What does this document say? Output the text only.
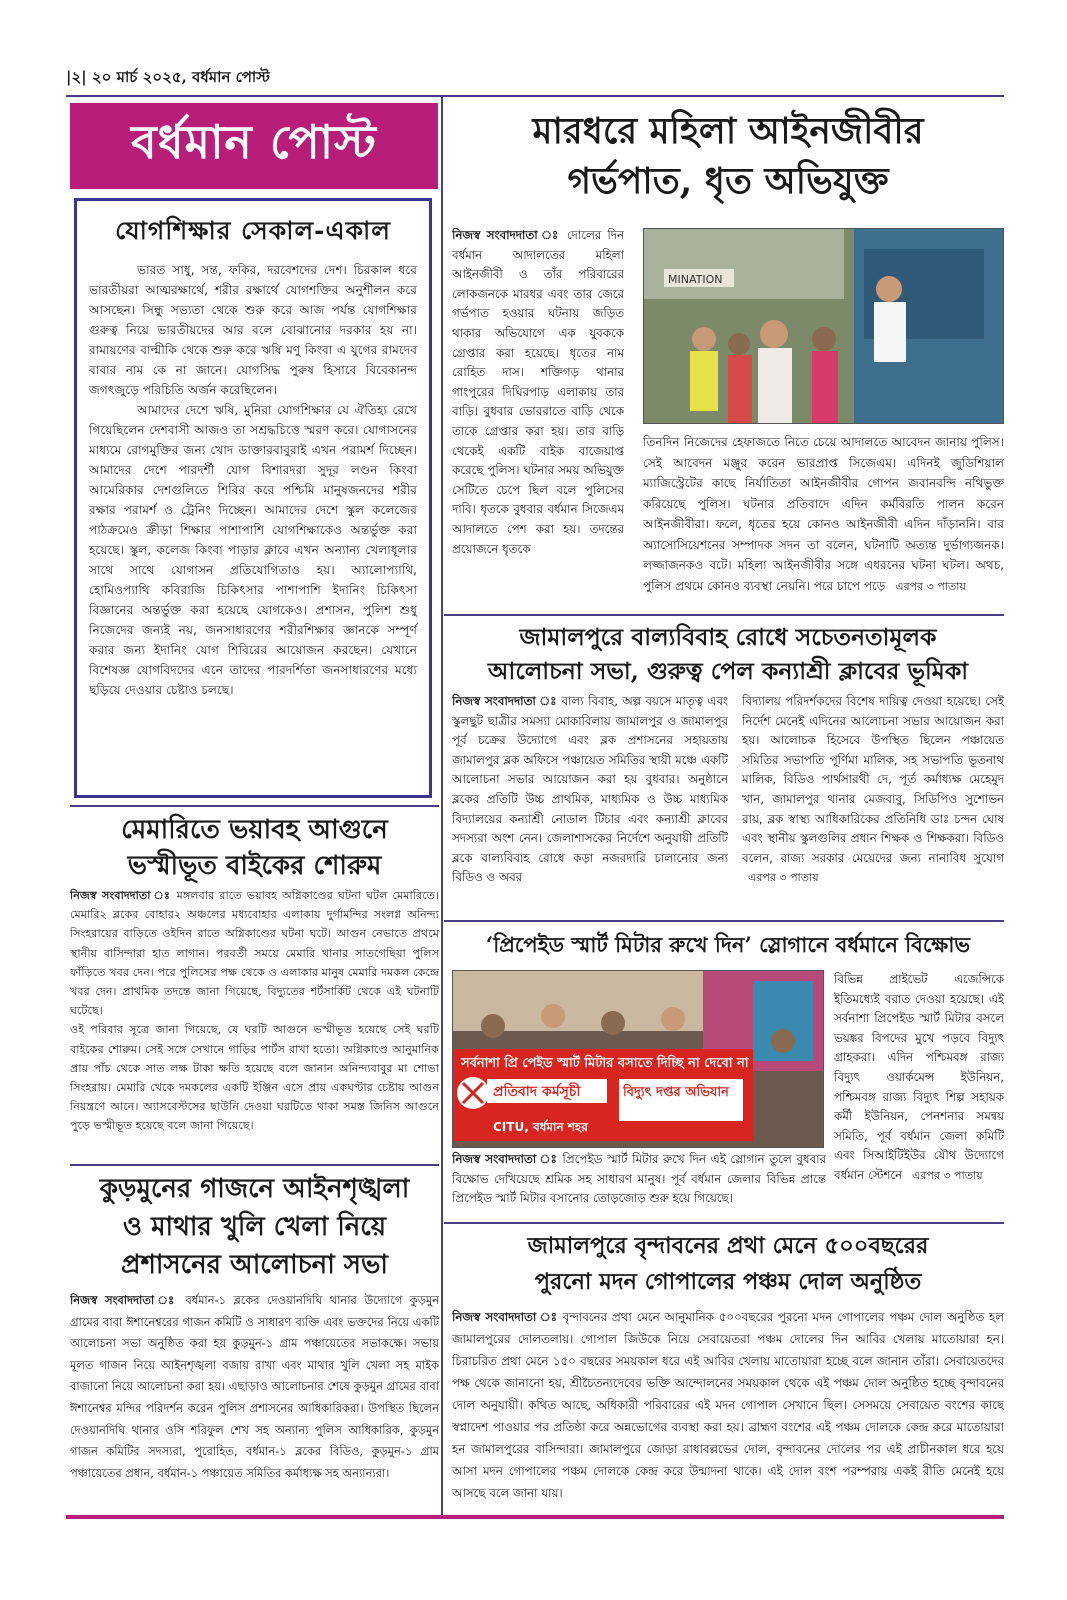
|২| ২০ মার্চ ২০২৫, বর্ধমান পোস্ট
বর্ধমান পোস্ট
যোগশিক্ষার সেকাল-একাল

ভারত সাধু, সন্ত, ফকির, দরবেশদের দেশ। চিরকাল ধরে ভারতীয়রা আত্মরক্ষার্থে, শরীর রক্ষার্থে যোগশক্তির অনুশীলন করে আসছেন। সিন্ধু সভ্যতা থেকে শুরু করে আজ পর্যন্ত যোগশিক্ষার গুরুত্ব নিয়ে ভারতীয়দের আর বলে বোঝানোর দরকার হয় না। রামায়ণের বাল্মীকি থেকে শুরু করে ঋষি মণু কিংবা এ যুগের রামদেব বাবার নাম কে না জানে। যোগসিদ্ধ পুরুষ হিসাবে বিবেকানন্দ জগৎজুড়ে পরিচিতি অর্জন করেছিলেন।

আমাদের দেশে ঋষি, মুনিরা যোগশিক্ষার যে ঐতিহ্য রেখে গিয়েছিলেন দেশবাসী আজও তা সশ্রদ্ধচিত্তে স্মরণ করে। যোগাসনের মাধ্যমে রোগমুক্তির জন্য খোদ ডাক্তারবাবুরাই এখন পরামর্শ দিচ্ছেন। আমাদের দেশে পারদর্শী যোগ বিশারদরা সুদূর লণ্ডন কিংবা আমেরিকার দেশগুলিতে শিবির করে পশ্চিমি মানুষজনদের শরীর রক্ষার পরামর্শ ও ট্রেনিং দিচ্ছেন। আমাদের দেশে স্কুল কলেজের পাঠক্রমেও ক্রীড়া শিক্ষার পাশাপাশি যোগশিক্ষাকেও অন্তর্ভুক্ত করা হয়েছে। স্কুল, কলেজ কিংবা পাড়ার ক্লাবে এখন অন্যান্য খেলাধূলার সাথে সাথে যোগাসন প্রতিযোগিতাও হয়। অ্যালোপ্যাথি, হোমিওপ্যাথি কবিরাজি চিকিৎসার পাশাপাশি ইদানিং চিকিৎসা বিজ্ঞানের অন্তর্ভুক্ত করা হয়েছে যোগকেও। প্রশাসন, পুলিশ শুধু নিজেদের জন্যই নয়, জনসাধারণের শরীরশিক্ষার জ্ঞানকে সম্পূর্ণ করার জন্য ইদানিং যোগ শিবিরের আয়োজন করছেন। যেখানে বিশেষজ্ঞ যোগবিদদের এনে তাদের পারদর্শিতা জনসাধারণের মধ্যে ছড়িয়ে দেওয়ার চেষ্টাও চলছে।

মারধরে মহিলা আইনজীবীর
গর্ভপাত, ধৃত অভিযুক্ত
নিজস্ব সংবাদদাতা ঃ দোলের দিন বর্ধমান আদালতের মহিলা আইনজীবী ও তাঁর পরিবারের লোকজনকে মারধর এবং তার জেরে গর্ভপাত হওয়ার ঘটনায় জড়িত থাকার অভিযোগে এক যুবককে গ্রেপ্তার করা হয়েছে। ধৃতের নাম রোহিত দাস। শক্তিগড় থানার গাংপুরের দিঘিরপাড় এলাকায় তার বাড়ি। বুধবার ভোররাতে বাড়ি থেকে তাকে গ্রেপ্তার করা হয়। তার বাড়ি থেকেই একটি বাইক বাজেয়াপ্ত করেছে পুলিস। ঘটনার সময় অভিযুক্ত সেটিতে চেপে ছিল বলে পুলিসের দাবি। ধৃতকে বুধবার বর্ধমান সিজেএম আদালতে পেশ করা হয়। তদন্তের প্রয়োজনে ধৃতকে
MINATION
তিনদিন নিজেদের হেফাজতে নিতে চেয়ে আদালতে আবেদন জানায় পুলিস। সেই আবেদন মঞ্জুর করেন ভারপ্রাপ্ত সিজেএম। এদিনই জুডিশিয়াল ম্যাজিস্ট্রেটের কাছে নির্যাতিতা আইনজীবীর গোপন জবানবন্দি নথিভুক্ত করিয়েছে পুলিস। ঘটনার প্রতিবাদে এদিন কর্মবিরতি পালন করেন আইনজীবীরা। ফলে, ধৃতের হয়ে কোনও আইনজীবী এদিন দাঁড়াননি। বার অ্যাসোসিয়েশনের সম্পাদক সদন তা বলেন, ঘটনাটি অত্যন্ত দুর্ভাগ্যজনক। লজ্জাজনকও বটে। মহিলা আইনজীবীর সঙ্গে এধরনের ঘটনা ঘটল। অথচ, পুলিস প্রথমে কোনও ব্যবস্থা নেয়নি। পরে চাপে পড়ে এরপর ৩ পাতায়
জামালপুরে বাল্যবিবাহ রোধে সচেতনতামূলক
আলোচনা সভা, গুরুত্ব পেল কন্যাশ্রী ক্লাবের ভূমিকা
নিজস্ব সংবাদদাতা ঃ বাল্য বিবাহ, অল্প বয়সে মাতৃত্ব এবং স্কুলছুট ছাত্রীর সমস্যা মোকাবিলায় জামালপুর ও জামালপুর পূর্ব চক্রের উদ্যোগে এবং ব্লক প্রশাসনের সহায়তায় জামালপুর ব্লক অফিসে পঞ্চায়েত সমিতির স্থায়ী মঞ্চে একটি আলোচনা সভার আয়োজন করা হয় বুধবার। অনুষ্ঠানে ব্লকের প্রতিটি উচ্চ প্রাথমিক, মাধ্যমিক ও উচ্চ মাধ্যমিক বিদ্যালয়ের কন্যাশ্রী নোডাল টিচার এবং কন্যাশ্রী ক্লাবের সদস্যরা অংশ নেন। জেলাশাসকের নির্দেশে অনুযায়ী প্রতিটি ব্লকে বাল্যবিবাহ রোধে কড়া নজরদারি চালানোর জন্য বিডিও ও অবর
বিদ্যালয় পরিদর্শকদের বিশেষ দায়িত্ব দেওয়া হয়েছে। সেই নির্দেশ মেনেই এদিনের আলোচনা সভার আয়োজন করা হয়। আলোচক হিসেবে উপস্থিত ছিলেন পঞ্চায়েত সমিতির সভাপতি পূর্ণিমা মালিক, সহ সভাপতি ভূতনাথ মালিক, বিডিও পার্থসারথী দে, পূর্ত কর্মাধ্যক্ষ মেহেমুদ খান, জামালপুর থানার মেজবাবু, সিডিপিও সুশোভন রায়, ব্লক স্বাস্থ্য আধিকারিকের প্রতিনিধি ডাঃ চন্দন ঘোষ এবং স্থানীয় স্কুলগুলির প্রধান শিক্ষক ও শিক্ষকরা। বিডিও বলেন, রাজ্য সরকার মেয়েদের জন্য নানাবিধ সুযোগ এরপর ৩ পাতায়
‘প্রিপেইড স্মার্ট মিটার রুখে দিন’ স্লোগানে বর্ধমানে বিক্ষোভ
সর্বনাশা প্রি পেইড স্মার্ট মিটার বসাতে দিচ্ছি না দেবো না
প্রতিবাদ কর্মসূচী	বিদ্যুৎ দপ্তর অভিযান
CITU, বর্ধমান শহর
বিভিন্ন প্রাইভেট এজেন্সিকে ইতিমধ্যেই বরাত দেওয়া হয়েছে। এই সর্বনাশা প্রিপেইড স্মার্ট মিটার বসলে ভয়ঙ্কর বিপদের মুখে পড়বে বিদ্যুৎ গ্রাহকরা। এদিন পশ্চিমবঙ্গ রাজ্য বিদ্যুৎ ওয়ার্কমেন্স ইউনিয়ন, পশ্চিমবঙ্গ রাজ্য বিদ্যুৎ শিল্প সহায়ক কর্মী ইউনিয়ন, পেনশনার সমন্বয় সমিতি, পূর্ব বর্ধমান জেলা কমিটি এবং সিআইটিইউর যৌথ উদ্যোগে বর্ধমান স্টেশনে এরপর ৩ পাতায়
নিজস্ব সংবাদদাতা ঃ প্রিপেইড স্মার্ট মিটার রুখে দিন এই স্লোগান তুলে বুধবার বিক্ষোভ দেখিয়েছে শ্রমিক সহ সাধারণ মানুষ। পূর্ব বর্ধমান জেলার বিভিন্ন প্রান্তে প্রিপেইড স্মার্ট মিটার বসানোর তোড়জোড় শুরু হয়ে গিয়েছে।
জামালপুরে বৃন্দাবনের প্রথা মেনে ৫০০বছরের
পুরনো মদন গোপালের পঞ্চম দোল অনুষ্ঠিত
নিজস্ব সংবাদদাতা ঃ বৃন্দাবনের প্রথা মেনে আনুমানিক ৫০০বছরের পুরনো মদন গোপালের পঞ্চম দোল অনুষ্ঠিত হল জামালপুরের দোলতলায়। গোপাল জিউকে নিয়ে সেবায়েতরা পঞ্চম দোলের দিন আবির খেলায় মাতোয়ারা হন। চিরাচরিত প্রথা মেনে ১৫০ বছরের সময়কাল ধরে এই আবির খেলায় মাতোয়ারা হচ্ছে বলে জানান তাঁরা। সেবায়েতদের পক্ষ থেকে জানানো হয়, শ্রীচৈতন্যদেবের ভক্তি আন্দোলনের সময়কাল থেকে এই পঞ্চম দোল অনুষ্ঠিত হচ্ছে বৃন্দাবনের দোল অনুযায়ী। কথিত আছে, অধিকারী পরিবারের এই মদন গোপাল সেখানে ছিল। সেসময়ে সেবায়েত বংশের কাছে স্বপ্নাদেশ পাওয়ার পর প্রতিষ্ঠা করে অন্নভোগের ব্যবস্থা করা হয়। ব্রাহ্মণ বংশের এই পঞ্চম দোলকে কেন্দ্র করে মাতোয়ারা হন জামালপুরের বাসিন্দারা। জামালপুরে জোড়া রাধাবল্লভের দোল, বৃন্দাবনের দোলের পর এই প্রাচীনকাল ধরে হয়ে আসা মদন গোপালের পঞ্চম দোলকে কেন্দ্র করে উন্মাদনা থাকে। এই দোল বংশ পরম্পরায় একই রীতি মেনেই হয়ে আসছে বলে জানা যায়।
মেমারিতে ভয়াবহ আগুনে
ভস্মীভূত বাইকের শোরুম

নিজস্ব সংবাদদাতা ঃ মঙ্গলবার রাতে ভয়াবহ অগ্নিকাণ্ডের ঘটনা ঘটল মেমারিতে। মেমারি২ ব্লকের বোহার২ অঞ্চলের মধ্যবোহার এলাকায় দুর্গামন্দির সংলগ্ন অনিন্দ্য সিংহরায়ের বাড়িতে ওইদিন রাতে অগ্নিকাণ্ডের ঘটনা ঘটে। আগুন নেভাতে প্রথমে স্থানীয় বাসিন্দারা হাত লাগান। পরবর্তী সময়ে মেমারি থানার সাতগেছিয়া পুলিস ফাঁড়িতে খবর দেন। পরে পুলিসের পক্ষ থেকে ও এলাকার মানুষ মেমারি দমকল কেন্দ্রে খবর দেন। প্রাথমিক তদন্তে জানা গিয়েছে, বিদ্যুতের শর্টসার্কিট থেকে এই ঘটনাটি ঘটেছে।

ওই পরিবার সূত্রে জানা গিয়েছে, যে ঘরটি আগুনে ভস্মীভূত হয়েছে সেই ঘরটি বাইকের শোরুম। সেই সঙ্গে সেখানে গাড়ির পার্টস রাখা হতো। অগ্নিকাণ্ডে আনুমানিক প্রায় পাঁচ থেকে সাত লক্ষ টাকা ক্ষতি হয়েছে বলে জানান অনিন্দ্যবাবুর মা শোভা সিংহরায়। মেমারি থেকে দমকলের একটি ইঞ্জিন এসে প্রায় একঘণ্টার চেষ্টায় আগুন নিয়ন্ত্রণে আনে। অ্যাসবেস্টসের ছাউনি দেওয়া ঘরটিতে থাকা সমস্ত জিনিস আগুনে পুড়ে ভস্মীভূত হয়েছে বলে জানা গিয়েছে।

কুড়মুনের গাজনে আইনশৃঙ্খলা
ও মাথার খুলি খেলা নিয়ে
প্রশাসনের আলোচনা সভা
নিজস্ব সংবাদদাতা ঃ বর্ধমান-১ ব্লকের দেওয়ানদিঘি থানার উদ্যোগে কুড়মুন গ্রামের বাবা ঈশানেশ্বরের গাজন কমিটি ও সাধারণ ব্যক্তি এবং ভক্তদের নিয়ে একটি আলোচনা সভা অনুষ্ঠিত করা হয় কুড়মুন-১ গ্রাম পঞ্চায়েতের সভাকক্ষে। সভায় মূলত গাজন নিয়ে আইনশৃঙ্খলা বজায় রাখা এবং মাথার খুলি খেলা সহ মাইক বাজানো নিয়ে আলোচনা করা হয়। এছাড়াও আলোচনার শেষে কুড়মুন গ্রামের বাবা ঈশানেশ্বর মন্দির পরিদর্শন করেন পুলিস প্রশাসনের আধিকারিকরা। উপস্থিত ছিলেন দেওয়ানদিঘি থানার ওসি শরিফুল শেখ সহ অন্যান্য পুলিস আধিকারিক, কুড়মুন গাজন কমিটির সদস্যরা, পুরোহিত, বর্ধমান-১ ব্লকের বিডিও, কুড়মুন-১ গ্রাম পঞ্চায়েতের প্রধান, বর্ধমান-১ পঞ্চায়েত সমিতির কর্মাধ্যক্ষ সহ অন্যান্যরা।
